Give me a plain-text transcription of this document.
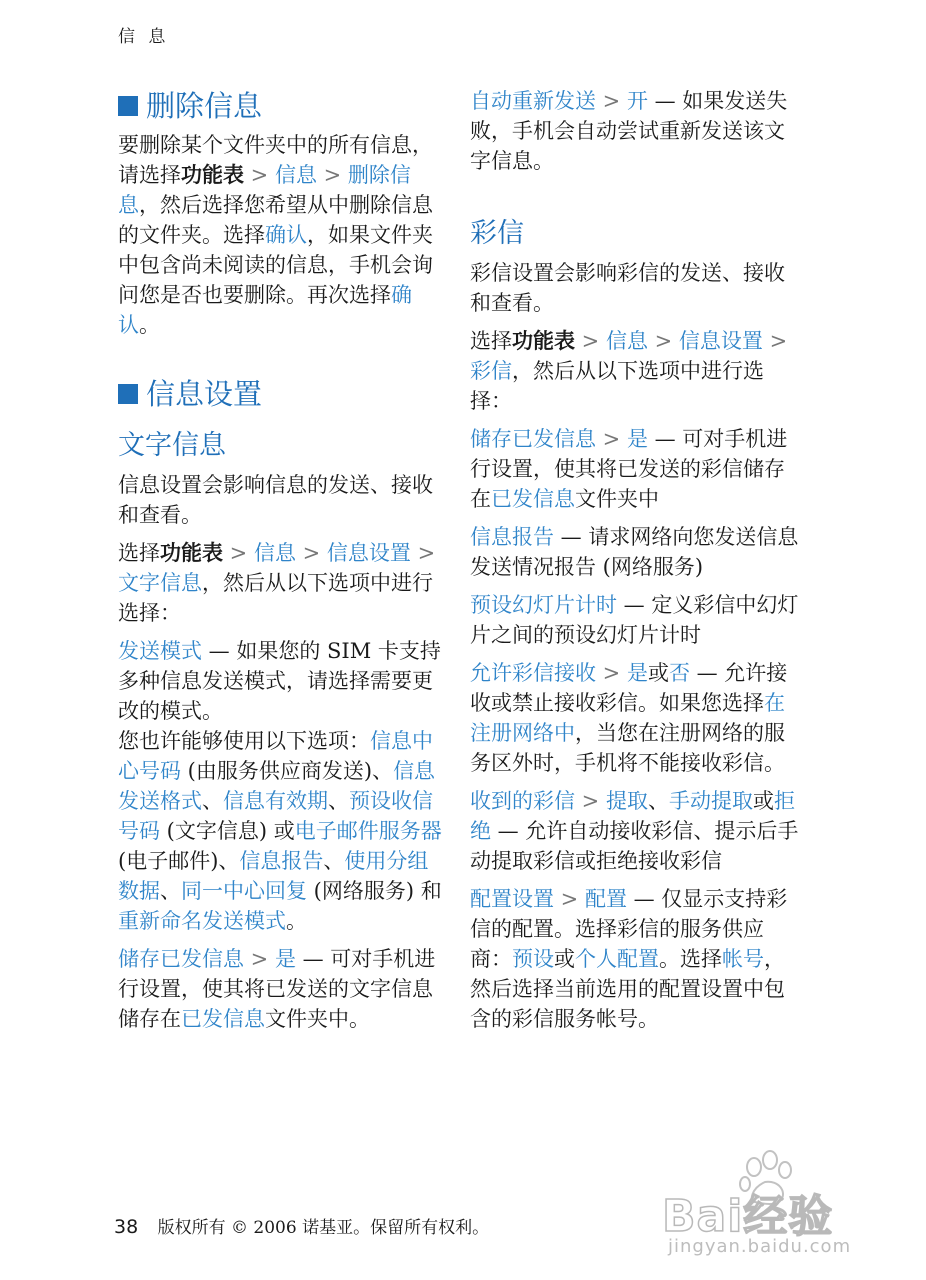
信 息
删除信息

要删除某个文件夹中的所有信息，请选择功能表 > 信息 > 删除信息，然后选择您希望从中删除信息的文件夹。选择确认，如果文件夹中包含尚未阅读的信息，手机会询问您是否也要删除。再次选择确认。

信息设置
文字信息

信息设置会影响信息的发送、接收和查看。

选择功能表 > 信息 > 信息设置 > 文字信息，然后从以下选项中进行选择：

发送模式 — 如果您的 SIM 卡支持多种信息发送模式，请选择需要更改的模式。

您也许能够使用以下选项：信息中心号码 (由服务供应商发送)、信息发送格式、信息有效期、预设收信号码 (文字信息) 或电子邮件服务器 (电子邮件)、信息报告、使用分组数据、同一中心回复 (网络服务) 和重新命名发送模式。

储存已发信息 > 是 — 可对手机进行设置，使其将已发送的文字信息储存在已发信息文件夹中。

自动重新发送 > 开 — 如果发送失败，手机会自动尝试重新发送该文字信息。

彩信

彩信设置会影响彩信的发送、接收和查看。

选择功能表 > 信息 > 信息设置 > 彩信，然后从以下选项中进行选择：

储存已发信息 > 是 — 可对手机进行设置，使其将已发送的彩信储存在已发信息文件夹中

信息报告 — 请求网络向您发送信息发送情况报告 (网络服务)

预设幻灯片计时 — 定义彩信中幻灯片之间的预设幻灯片计时

允许彩信接收 > 是或否 — 允许接收或禁止接收彩信。如果您选择在注册网络中，当您在注册网络的服务区外时，手机将不能接收彩信。

收到的彩信 > 提取、手动提取或拒绝 — 允许自动接收彩信、提示后手动提取彩信或拒绝接收彩信

配置设置 > 配置 — 仅显示支持彩信的配置。选择彩信的服务供应商：预设或个人配置。选择帐号，然后选择当前选用的配置设置中包含的彩信服务帐号。

38 版权所有 © 2006 诺基亚。保留所有权利。	Bai经验
jingyan.baidu.com
